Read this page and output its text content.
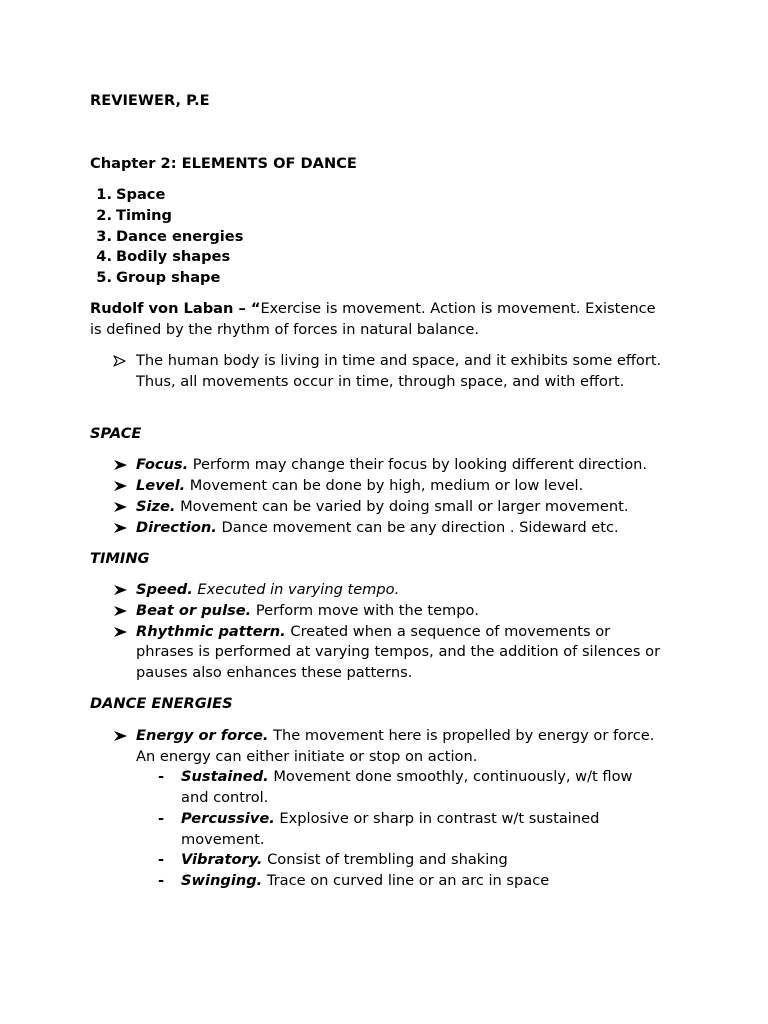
REVIEWER, P.E
Chapter 2: ELEMENTS OF DANCE
1. Space
2. Timing
3. Dance energies
4. Bodily shapes
5. Group shape
Rudolf von Laban – “Exercise is movement. Action is movement. Existence
is defined by the rhythm of forces in natural balance.
The human body is living in time and space, and it exhibits some effort.
Thus, all movements occur in time, through space, and with effort.
SPACE
Focus. Perform may change their focus by looking different direction.
Level. Movement can be done by high, medium or low level.
Size. Movement can be varied by doing small or larger movement.
Direction. Dance movement can be any direction . Sideward etc.
TIMING
Speed. Executed in varying tempo.
Beat or pulse. Perform move with the tempo.
Rhythmic pattern. Created when a sequence of movements or
phrases is performed at varying tempos, and the addition of silences or
pauses also enhances these patterns.
DANCE ENERGIES
Energy or force. The movement here is propelled by energy or force.
An energy can either initiate or stop on action.
- Sustained. Movement done smoothly, continuously, w/t flow
and control.
- Percussive. Explosive or sharp in contrast w/t sustained
movement.
- Vibratory. Consist of trembling and shaking
- Swinging. Trace on curved line or an arc in space
